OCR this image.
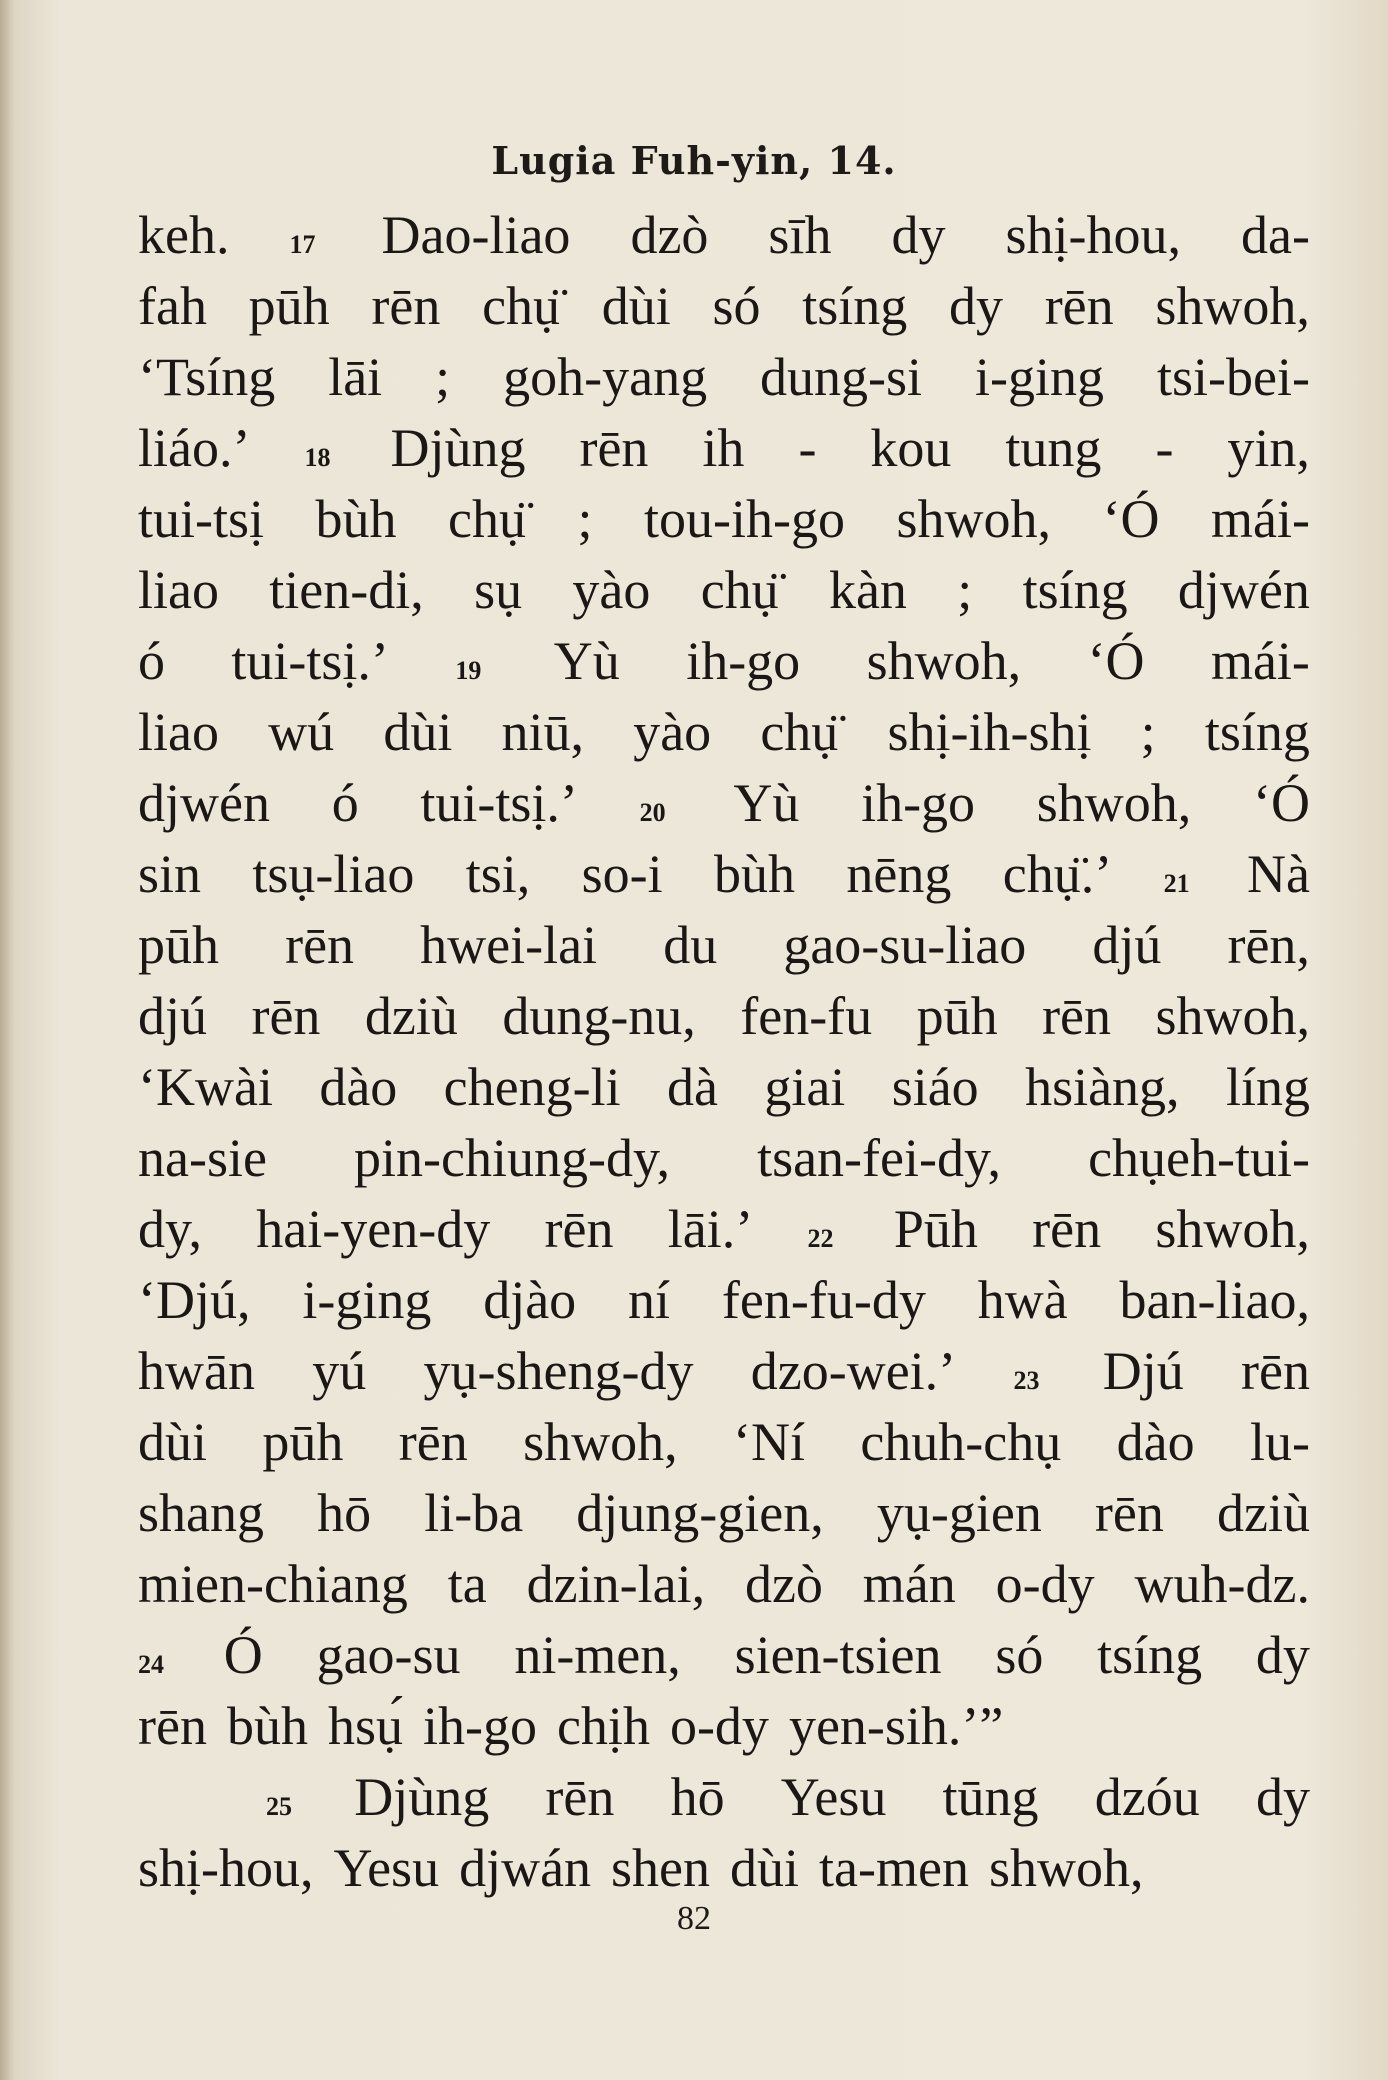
Lugia Fuh-yin, 14.
keh. 17 Dao-liao dzò sīh dy shị-hou, da-
fah pūh rēn chụ̈ dùi só tsíng dy rēn shwoh,
‘Tsíng lāi ; goh-yang dung-si i-ging tsi-bei-
liáo.’ 18 Djùng rēn ih - kou tung - yin,
tui-tsị bùh chụ̈ ; tou-ih-go shwoh, ‘Ó mái-
liao tien-di, sụ yào chụ̈ kàn ; tsíng djwén
ó tui-tsị.’	19 Yù ih-go shwoh, ‘Ó mái-
liao wú dùi niū, yào chụ̈ shị-ih-shị ; tsíng
djwén ó tui-tsị.’ 20 Yù ih-go shwoh, ‘Ó
sin tsụ-liao tsi, so-i bùh nēng chụ̈.’ 21 Nà
pūh rēn hwei-lai du gao-su-liao djú rēn,
djú rēn dziù dung-nu, fen-fu pūh rēn shwoh,
‘Kwài dào cheng-li dà giai siáo hsiàng, líng
na-sie pin-chiung-dy, tsan-fei-dy, chụeh-tui-
dy, hai-yen-dy rēn lāi.’ 22 Pūh rēn shwoh,
‘Djú, i-ging djào ní fen-fu-dy hwà ban-liao,
hwān yú yụ-sheng-dy dzo-wei.’ 23 Djú rēn
dùi pūh rēn shwoh, ‘Ní chuh-chụ dào lu-
shang hō li-ba djung-gien, yụ-gien rēn dziù
mien-chiang ta dzin-lai, dzò mán o-dy wuh-dz.
24 Ó gao-su ni-men, sien-tsien só tsíng dy
rēn bùh hsụ́ ih-go chịh o-dy yen-sih.’”
25 Djùng rēn hō Yesu tūng dzóu dy
shị-hou, Yesu djwán shen dùi ta-men shwoh,
82
